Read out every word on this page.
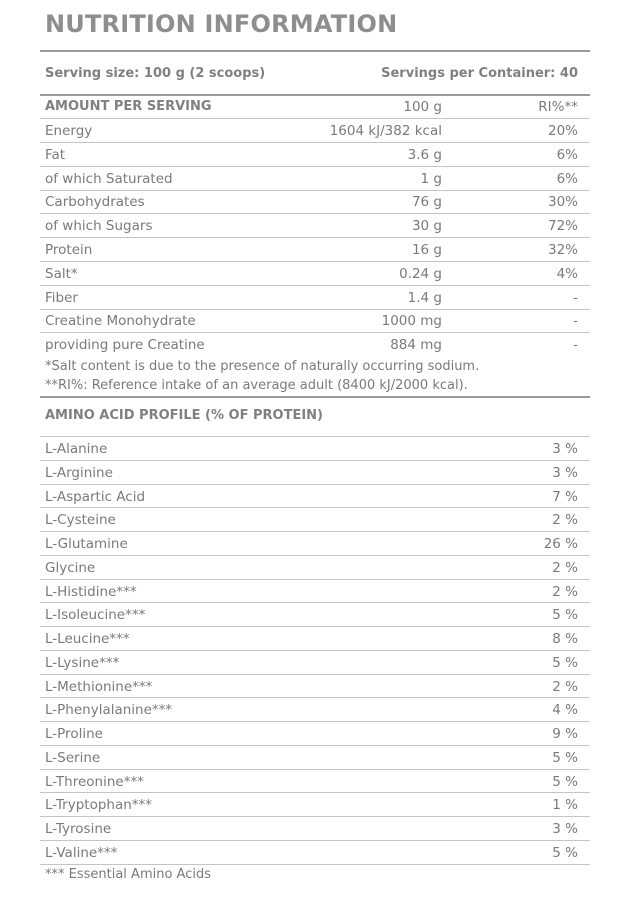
NUTRITION INFORMATION
Serving size: 100 g (2 scoops)	Servings per Container: 40
AMOUNT PER SERVING	100 g	RI%**
Energy	1604 kJ/382 kcal	20%
Fat	3.6 g	6%
of which Saturated	1 g	6%
Carbohydrates	76 g	30%
of which Sugars	30 g	72%
Protein	16 g	32%
Salt*	0.24 g	4%
Fiber	1.4 g	-
Creatine Monohydrate	1000 mg	-
providing pure Creatine	884 mg	-
*Salt content is due to the presence of naturally occurring sodium.
**RI%: Reference intake of an average adult (8400 kJ/2000 kcal).
AMINO ACID PROFILE (% OF PROTEIN)
L-Alanine	3 %
L-Arginine	3 %
L-Aspartic Acid	7 %
L-Cysteine	2 %
L-Glutamine	26 %
Glycine	2 %
L-Histidine***	2 %
L-Isoleucine***	5 %
L-Leucine***	8 %
L-Lysine***	5 %
L-Methionine***	2 %
L-Phenylalanine***	4 %
L-Proline	9 %
L-Serine	5 %
L-Threonine***	5 %
L-Tryptophan***	1 %
L-Tyrosine	3 %
L-Valine***	5 %
*** Essential Amino Acids
